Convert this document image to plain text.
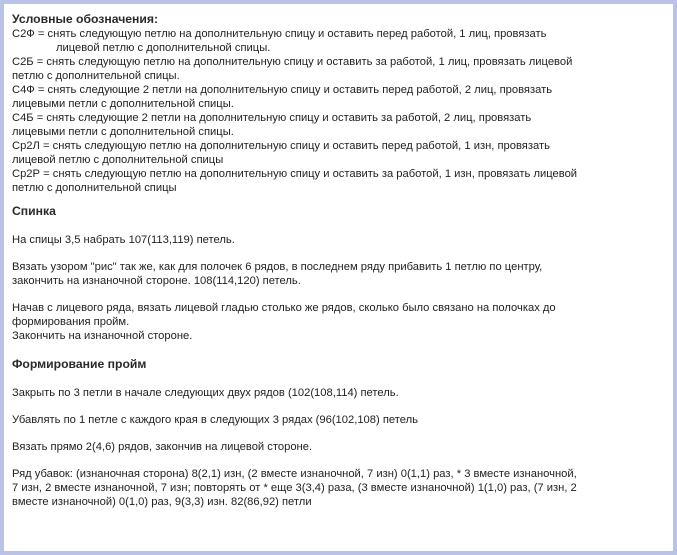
Условные обозначения:
С2Ф = снять следующую петлю на дополнительную спицу и оставить перед работой, 1 лиц, провязать
лицевой петлю с дополнительной спицы.
С2Б = снять следующую петлю на дополнительную спицу и оставить за работой, 1 лиц, провязать лицевой
петлю с дополнительной спицы.
С4Ф = снять следующие 2 петли на дополнительную спицу и оставить перед работой, 2 лиц, провязать
лицевыми петли с дополнительной спицы.
С4Б = снять следующие 2 петли на дополнительную спицу и оставить за работой, 2 лиц, провязать
лицевыми петли с дополнительной спицы.
Ср2Л = снять следующую петлю на дополнительную спицу и оставить перед работой, 1 изн, провязать
лицевой петлю с дополнительной спицы
Ср2Р = снять следующую петлю на дополнительную спицу и оставить за работой, 1 изн, провязать лицевой
петлю с дополнительной спицы
Спинка
На спицы 3,5 набрать 107(113,119) петель.
Вязать узором "рис" так же, как для полочек 6 рядов, в последнем ряду прибавить 1 петлю по центру,
закончить на изнаночной стороне. 108(114,120) петель.
Начав с лицевого ряда, вязать лицевой гладью столько же рядов, сколько было связано на полочках до
формирования пройм.
Закончить на изнаночной стороне.
Формирование пройм
Закрыть по 3 петли в начале следующих двух рядов (102(108,114) петель.
Убавлять по 1 петле с каждого края в следующих 3 рядах (96(102,108) петель
Вязать прямо 2(4,6) рядов, закончив на лицевой стороне.
Ряд убавок: (изнаночная сторона) 8(2,1) изн, (2 вместе изнаночной, 7 изн) 0(1,1) раз, * 3 вместе изнаночной,
7 изн, 2 вместе изнаночной, 7 изн; повторять от * еще 3(3,4) раза, (3 вместе изнаночной) 1(1,0) раз, (7 изн, 2
вместе изнаночной) 0(1,0) раз, 9(3,3) изн. 82(86,92) петли
